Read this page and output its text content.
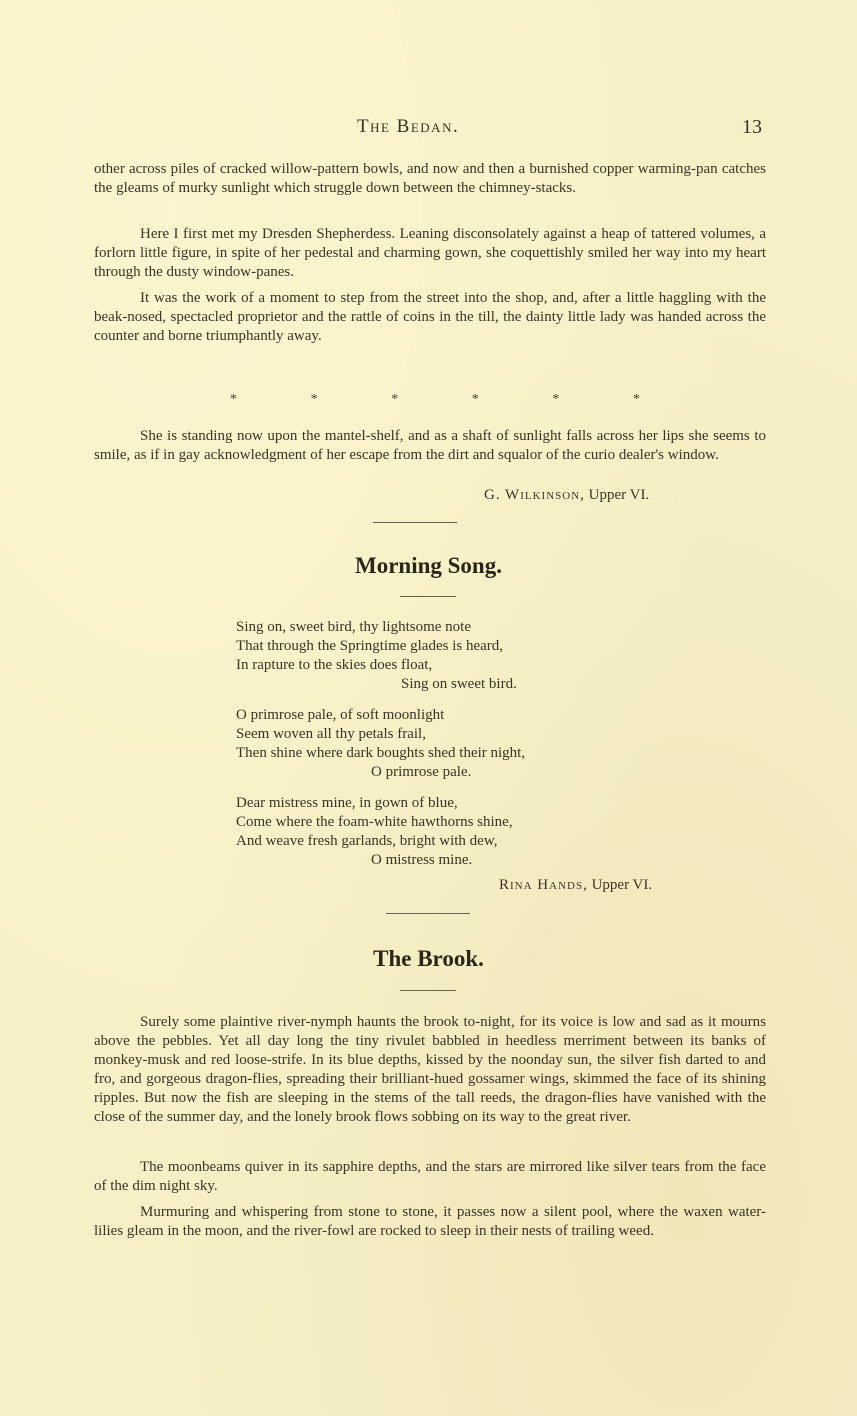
The Bedan.	13

other across piles of cracked willow-pattern bowls, and now and then a burnished copper warming-pan catches the gleams of murky sunlight which struggle down between the chimney-stacks.

Here I first met my Dresden Shepherdess. Leaning disconsolately against a heap of tattered volumes, a forlorn little figure, in spite of her pedestal and charming gown, she coquettishly smiled her way into my heart through the dusty window-panes.

It was the work of a moment to step from the street into the shop, and, after a little haggling with the beak-nosed, spectacled proprietor and the rattle of coins in the till, the dainty little lady was handed across the counter and borne triumphantly away.

*	*	*	*	*	*

She is standing now upon the mantel-shelf, and as a shaft of sunlight falls across her lips she seems to smile, as if in gay acknowledgment of her escape from the dirt and squalor of the curio dealer's window.

G. Wilkinson, Upper VI.
Morning Song.
Sing on, sweet bird, thy lightsome note
That through the Springtime glades is heard,
In rapture to the skies does float,
Sing on sweet bird.
O primrose pale, of soft moonlight
Seem woven all thy petals frail,
Then shine where dark boughts shed their night,
O primrose pale.
Dear mistress mine, in gown of blue,
Come where the foam-white hawthorns shine,
And weave fresh garlands, bright with dew,
O mistress mine.
Rina Hands, Upper VI.
The Brook.

Surely some plaintive river-nymph haunts the brook to-night, for its voice is low and sad as it mourns above the pebbles. Yet all day long the tiny rivulet babbled in heedless merriment between its banks of monkey-musk and red loose-strife. In its blue depths, kissed by the noonday sun, the silver fish darted to and fro, and gorgeous dragon-flies, spreading their brilliant-hued gossamer wings, skimmed the face of its shining ripples. But now the fish are sleeping in the stems of the tall reeds, the dragon-flies have vanished with the close of the summer day, and the lonely brook flows sobbing on its way to the great river.

The moonbeams quiver in its sapphire depths, and the stars are mirrored like silver tears from the face of the dim night sky.

Murmuring and whispering from stone to stone, it passes now a silent pool, where the waxen water-lilies gleam in the moon, and the river-fowl are rocked to sleep in their nests of trailing weed.
